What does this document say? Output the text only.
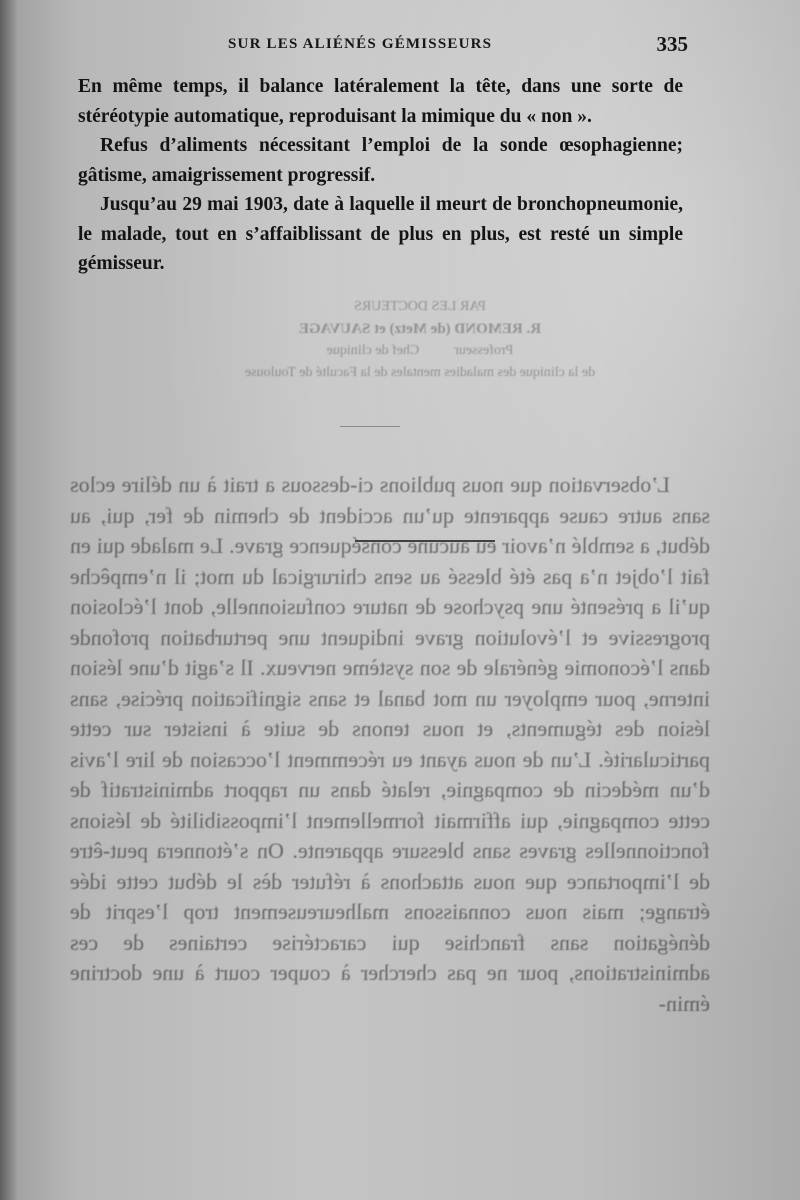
PAR LES DOCTEURS
R. REMOND (de Metz) et SAUVAGE
Professeur          Chef de clinique
de la clinique des maladies mentales de la Faculté de Toulouse

L’observation que nous publions ci-dessous a trait à un délire eclos sans autre cause apparente qu’un accident de chemin de fer, qui, au début, a semblé n’avoir eu aucune conséquence grave. Le malade qui en fait l’objet n’a pas été blessé au sens chirurgical du mot; il n’empêche qu’il a présenté une psychose de nature confusionnelle, dont l’éclosion progressive et l’évolution grave indiquent une perturbation profonde dans l’économie générale de son système nerveux. Il s’agit d’une lésion interne, pour employer un mot banal et sans signification précise, sans lésion des téguments, et nous tenons de suite à insister sur cette particularité. L’un de nous ayant eu récemment l’occasion de lire l’avis d’un médecin de compagnie, relaté dans un rapport administratif de cette compagnie, qui affirmait formellement l’impossibilité de lésions fonctionnelles graves sans blessure apparente. On s’étonnera peut-être de l’importance que nous attachons à réfuter dès le début cette idée étrange; mais nous connaissons malheureusement trop l’esprit de dénégation sans franchise qui caractérise certaines de ces administrations, pour ne pas chercher à couper court à une doctrine émin-

SUR LES ALIÉNÉS GÉMISSEURS	335

En même temps, il balance latéralement la tête, dans une sorte de stéréotypie automatique, reproduisant la mimique du « non ».

Refus d’aliments nécessitant l’emploi de la sonde œsophagienne; gâtisme, amaigrissement progressif.

Jusqu’au 29 mai 1903, date à laquelle il meurt de bronchopneumonie, le malade, tout en s’affaiblissant de plus en plus, est resté un simple gémisseur.
